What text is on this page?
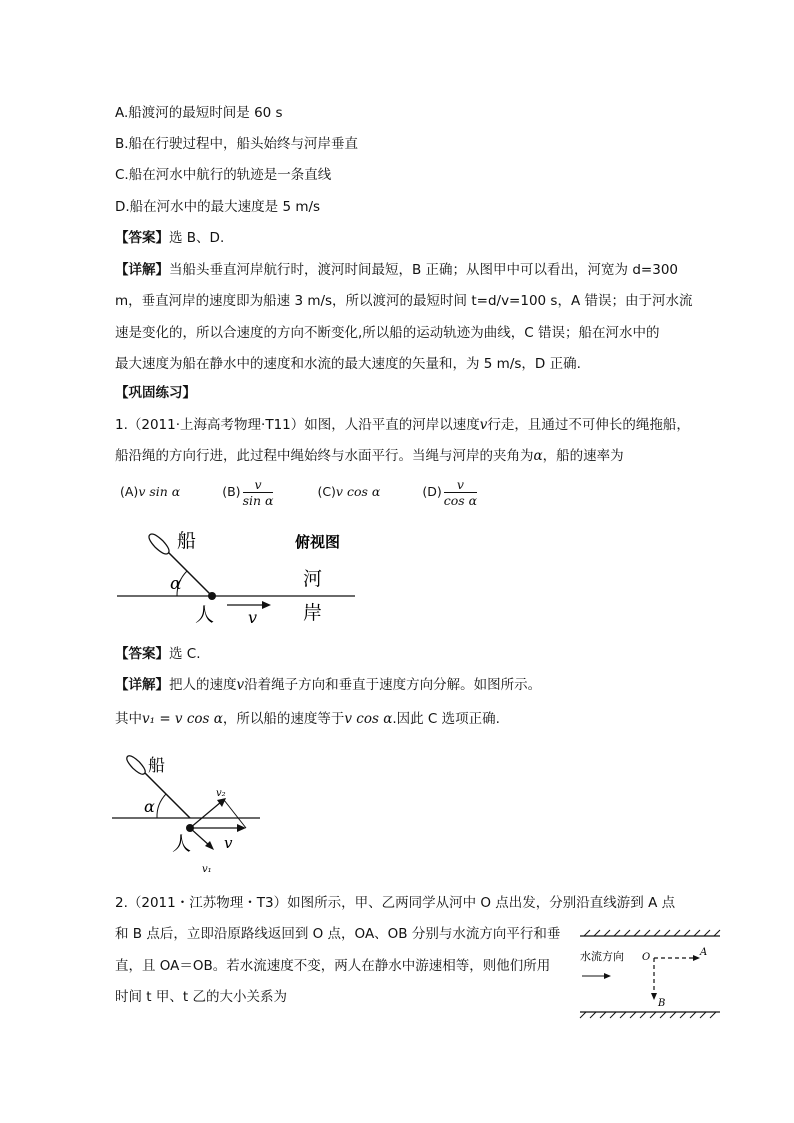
A.船渡河的最短时间是 60 s
B.船在行驶过程中，船头始终与河岸垂直
C.船在河水中航行的轨迹是一条直线
D.船在河水中的最大速度是 5 m/s
【答案】选 B、D.
【详解】当船头垂直河岸航行时，渡河时间最短，B 正确；从图甲中可以看出，河宽为 d=300
m，垂直河岸的速度即为船速 3 m/s，所以渡河的最短时间 t=d/v=100 s，A 错误；由于河水流
速是变化的，所以合速度的方向不断变化,所以船的运动轨迹为曲线，C 错误；船在河水中的
最大速度为船在静水中的速度和水流的最大速度的矢量和，为 5 m/s，D 正确.
【巩固练习】
1.（2011·上海高考物理·T11）如图，人沿平直的河岸以速度v行走，且通过不可伸长的绳拖船，
船沿绳的方向行进，此过程中绳始终与水面平行。当绳与河岸的夹角为α，船的速率为
(A)v sin α	$(B) \frac{v}{\text{sin α}}$	(C)v cos α	$(D) \frac{v}{\text{cos α}}$
船	俯视图
河
岸
人
α
v
【答案】选 C.
【详解】把人的速度v沿着绳子方向和垂直于速度方向分解。如图所示。
其中v₁ = v cos α，所以船的速度等于v cos α.因此 C 选项正确.
船
人
α
v
v₂
v₁
2.（2011・江苏物理・T3）如图所示，甲、乙两同学从河中 O 点出发，分别沿直线游到 A 点
和 B 点后，立即沿原路线返回到 O 点，OA、OB 分别与水流方向平行和垂
直，且 OA＝OB。若水流速度不变，两人在静水中游速相等，则他们所用
时间 t 甲、t 乙的大小关系为
水流方向 O	A
B
